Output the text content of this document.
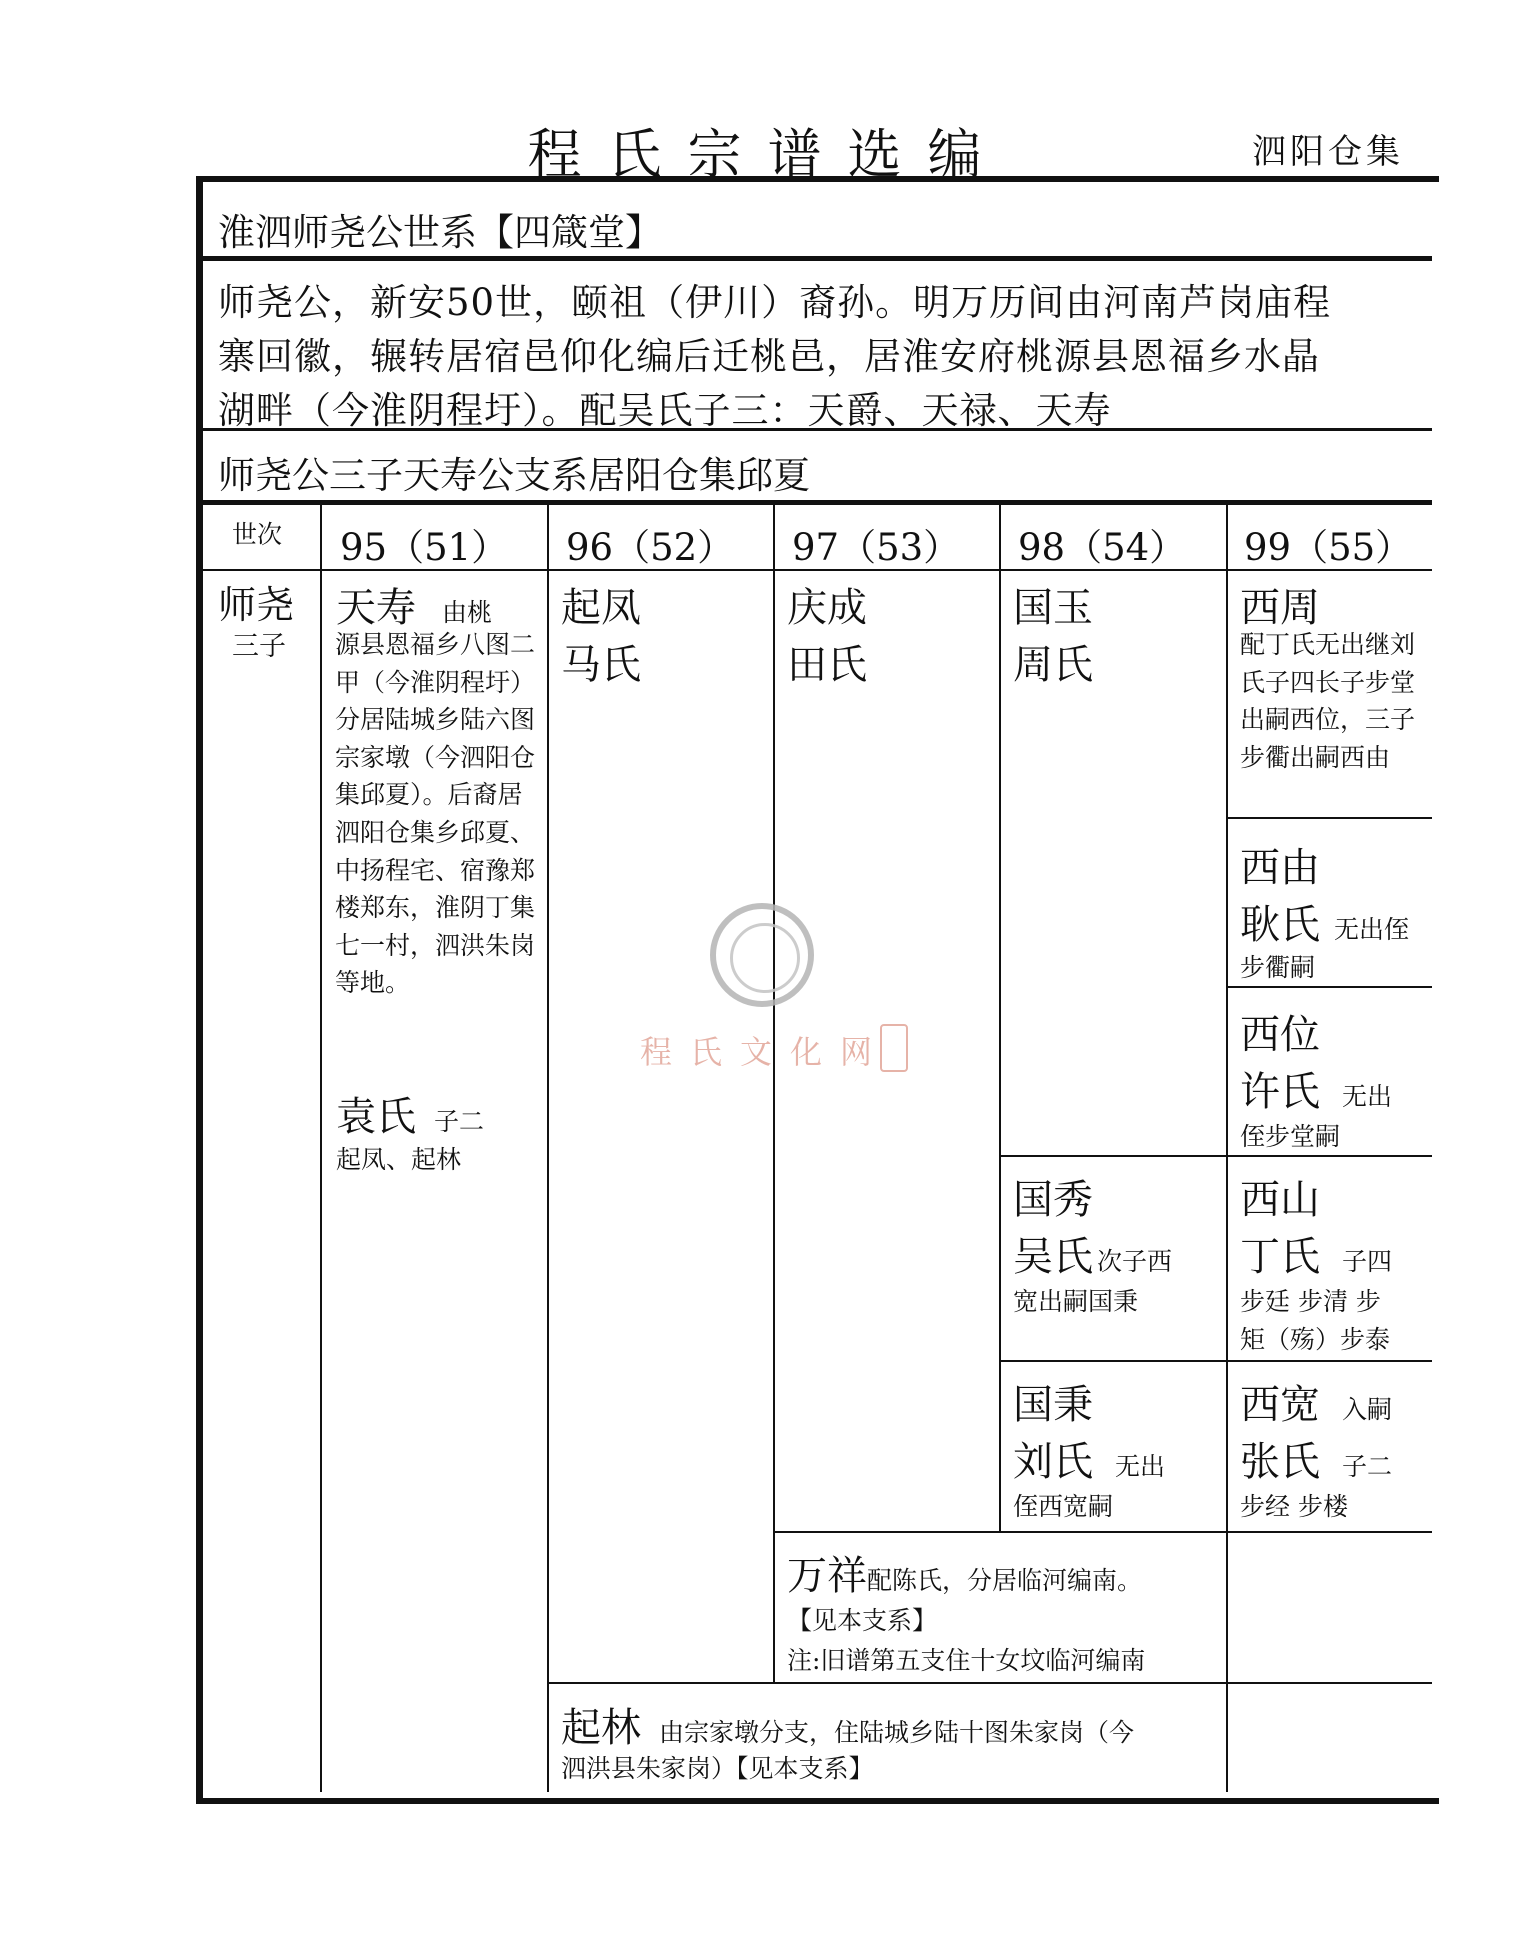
程氏宗谱选编	泗阳仓集
淮泗师尧公世系【四箴堂】
师尧公，新安50世，颐祖（伊川）裔孙。明万历间由河南芦岗庙程
寨回徽，辗转居宿邑仰化编后迁桃邑，居淮安府桃源县恩福乡水晶
湖畔（今淮阴程圩）。配吴氏子三：天爵、天禄、天寿
师尧公三子天寿公支系居阳仓集邱夏
世次 95（51） 96（52） 97（53） 98（54） 99（55）
师尧
三子
天寿 由桃
源县恩福乡八图二甲（今淮阴程圩）分居陆城乡陆六图宗家墩（今泗阳仓集邱夏）。后裔居泗阳仓集乡邱夏、中扬程宅、宿豫郑楼郑东，淮阴丁集七一村，泗洪朱岗等地。
袁氏 子二
起凤、起林
起凤
马氏
庆成
田氏
国玉
周氏
国秀
吴氏 次子西
宽出嗣国秉
国秉
刘氏 无出
侄西宽嗣
西周
配丁氏无出继刘氏子四长子步堂出嗣西位，三子步衢出嗣西由
西由
耿氏 无出侄
步衢嗣
西位
许氏 无出
侄步堂嗣
西山
丁氏 子四
步廷 步清 步
矩（殇）步泰
西宽 入嗣
张氏 子二
步经 步楼
万祥配陈氏，分居临河编南。
【见本支系】
注:旧谱第五支住十女坟临河编南
起林 由宗家墩分支，住陆城乡陆十图朱家岗（今
泗洪县朱家岗）【见本支系】
程氏文化网
